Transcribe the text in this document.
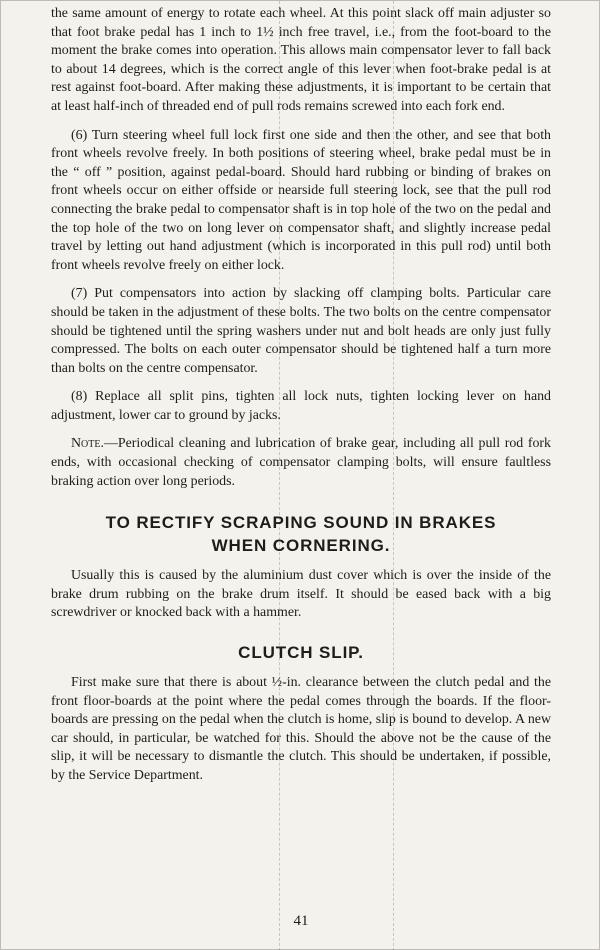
the same amount of energy to rotate each wheel. At this point slack off main adjuster so that foot brake pedal has 1 inch to 1½ inch free travel, i.e., from the foot-board to the moment the brake comes into operation. This allows main compensator lever to fall back to about 14 degrees, which is the correct angle of this lever when foot-brake pedal is at rest against foot-board. After making these adjustments, it is important to be certain that at least half-inch of threaded end of pull rods remains screwed into each fork end.

(6) Turn steering wheel full lock first one side and then the other, and see that both front wheels revolve freely. In both positions of steering wheel, brake pedal must be in the “ off ” position, against pedal-board. Should hard rubbing or binding of brakes on front wheels occur on either offside or nearside full steering lock, see that the pull rod connecting the brake pedal to compensator shaft is in top hole of the two on the pedal and the top hole of the two on long lever on compensator shaft, and slightly increase pedal travel by letting out hand adjustment (which is incorporated in this pull rod) until both front wheels revolve freely on either lock.

(7) Put compensators into action by slacking off clamping bolts. Particular care should be taken in the adjustment of these bolts. The two bolts on the centre compensator should be tightened until the spring washers under nut and bolt heads are only just fully compressed. The bolts on each outer compensator should be tightened half a turn more than bolts on the centre compensator.

(8) Replace all split pins, tighten all lock nuts, tighten locking lever on hand adjustment, lower car to ground by jacks.

Note.—Periodical cleaning and lubrication of brake gear, including all pull rod fork ends, with occasional checking of compensator clamping bolts, will ensure faultless braking action over long periods.

TO RECTIFY SCRAPING SOUND IN BRAKES
WHEN CORNERING.

Usually this is caused by the aluminium dust cover which is over the inside of the brake drum rubbing on the brake drum itself. It should be eased back with a big screwdriver or knocked back with a hammer.

CLUTCH SLIP.

First make sure that there is about ½-in. clearance between the clutch pedal and the front floor-boards at the point where the pedal comes through the boards. If the floor-boards are pressing on the pedal when the clutch is home, slip is bound to develop. A new car should, in particular, be watched for this. Should the above not be the cause of the slip, it will be necessary to dismantle the clutch. This should be undertaken, if possible, by the Service Department.

41
